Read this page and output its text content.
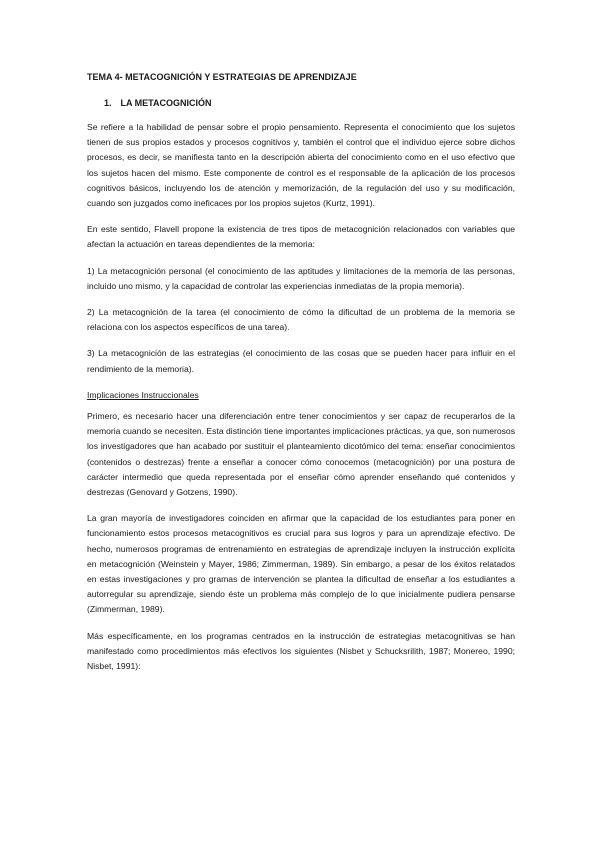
TEMA 4- METACOGNICIÓN Y ESTRATEGIAS DE APRENDIZAJE
1. LA METACOGNICIÓN

Se refiere a la habilidad de pensar sobre el propio pensamiento. Representa el conocimiento que los sujetos tienen de sus propios estados y procesos cognitivos y, también el control que el individuo ejerce sobre dichos procesos, es decir, se manifiesta tanto en la descripción abierta del conocimiento como en el uso efectivo que los sujetos hacen del mismo. Este componente de control es el responsable de la aplicación de los procesos cognitivos básicos, incluyendo los de atención y memorización, de la regulación del uso y su modificación, cuando son juzgados como ineficaces por los propios sujetos (Kurtz, 1991).

En este sentido, Flavell propone la existencia de tres tipos de metacognición relacionados con variables que afectan la actuación en tareas dependientes de la memoria:

1) La metacognición personal (el conocimiento de las aptitudes y limitaciones de la memoria de las personas, incluido uno mismo, y la capacidad de controlar las experiencias inmediatas de la propia memoria).

2) La metacognición de la tarea (el conocimiento de cómo la dificultad de un problema de la memoria se relaciona con los aspectos específicos de una tarea).

3) La metacognición de las estrategias (el conocimiento de las cosas que se pueden hacer para influir en el rendimiento de la memoria).

Implicaciones Instruccionales

Primero, es necesario hacer una diferenciación entre tener conocimientos y ser capaz de recuperarlos de la memoria cuando se necesiten. Esta distinción tiene importantes implicaciones prácticas, ya que, son numerosos los investigadores que han acabado por sustituir el planteamiento dicotómico del tema: enseñar conocimientos (contenidos o destrezas) frente a enseñar a conocer cómo conocemos (metacognición) por una postura de carácter intermedio que queda representada por el enseñar cómo aprender enseñando qué contenidos y destrezas (Genovard y Gotzens, 1990).

La gran mayoría de investigadores coinciden en afirmar que la capacidad de los estudiantes para poner en funcionamiento estos procesos metacognitivos es crucial para sus logros y para un aprendizaje efectivo. De hecho, numerosos programas de entrenamiento en estrategias de aprendizaje incluyen la instrucción explícita en metacognición (Weinstein y Mayer, 1986; Zimmerman, 1989). Sin embargo, a pesar de los éxitos relatados en estas investigaciones y pro gramas de intervención se plantea la dificultad de enseñar a los estudiantes a autorregular su aprendizaje, siendo éste un problema más complejo de lo que inicialmente pudiera pensarse (Zimmerman, 1989).

Más específicamente, en los programas centrados en la instrucción de estrategias metacognitivas se han manifestado como procedimientos más efectivos los siguientes (Nisbet y Schucksrilith, 1987; Monereo, 1990; Nisbet, 1991):
